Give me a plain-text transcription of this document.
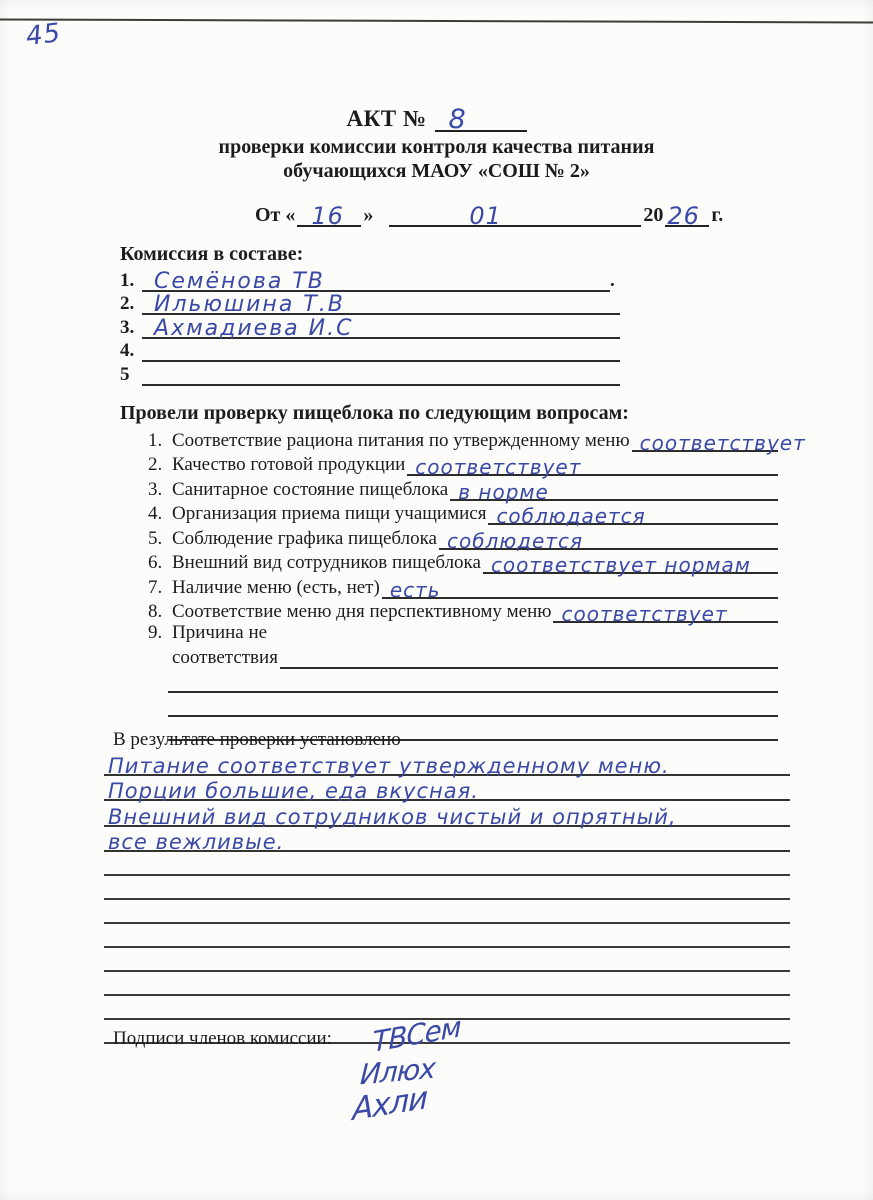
45
АКТ № 8
проверки комиссии контроля качества питания
обучающихся МАОУ «СОШ № 2»
От « 16 »	01	20 26 г.
Комиссия в составе:
1. Семёнова ТВ	.
2. Ильюшина Т.В
3. Ахмадиева И.С
4.
5
Провели проверку пищеблока по следующим вопросам:
1. Соответствие рациона питания по утвержденному меню соответствует
2. Качество готовой продукции соответствует
3. Санитарное состояние пищеблока в норме
4. Организация приема пищи учащимися соблюдается
5. Соблюдение графика пищеблока соблюдется
6. Внешний вид сотрудников пищеблока соответствует нормам
7. Наличие меню (есть, нет) есть
8. Соответствие меню дня перспективному меню соответствует
9. Причина не
соответствия
В результате проверки установлено
Питание соответствует утвержденному меню.
Порции большие, еда вкусная.
Внешний вид сотрудников чистый и опрятный,
все вежливые.
Подписи членов комиссии: ТВСем
Илюх
Ахли
